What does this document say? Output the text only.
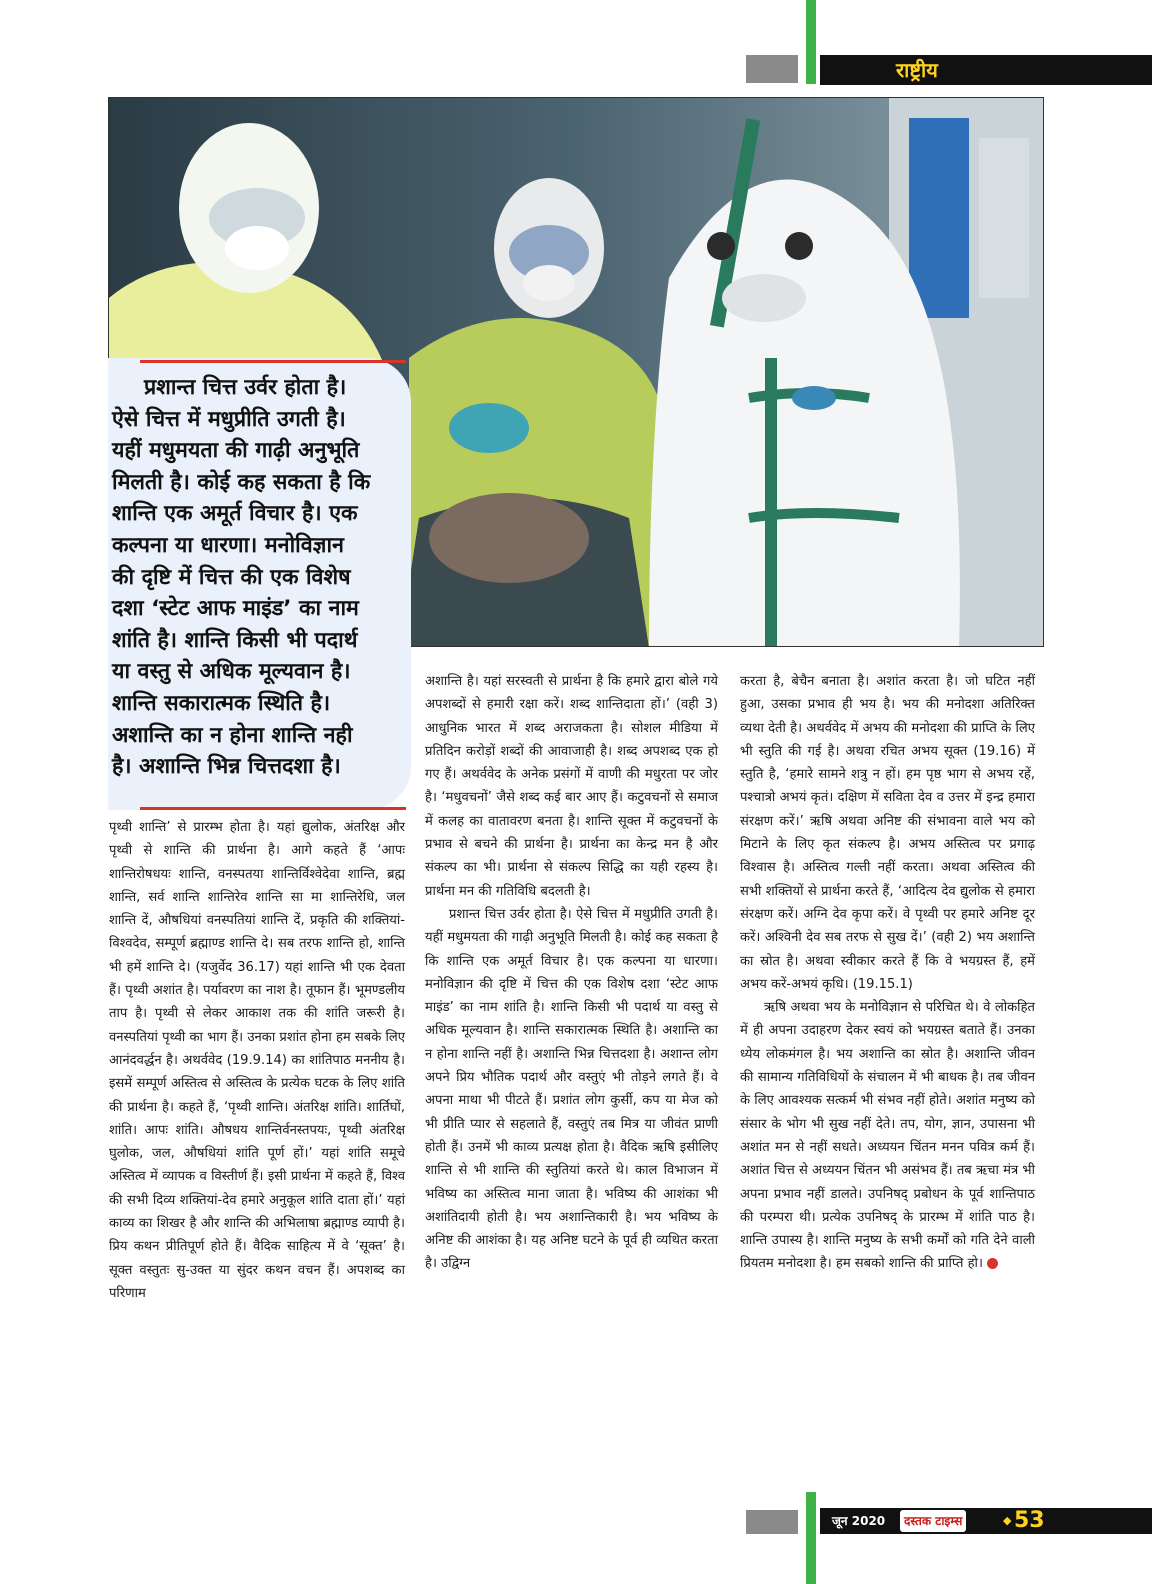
राष्ट्रीय
प्रशान्त चित्त उर्वर होता है।
ऐसे चित्त में मधुप्रीति उगती है।
यहीं मधुमयता की गाढ़ी अनुभूति
मिलती है। कोई कह सकता है कि
शान्ति एक अमूर्त विचार है। एक
कल्पना या धारणा। मनोविज्ञान
की दृष्टि में चित्त की एक विशेष
दशा ‘स्टेट आफ माइंड’ का नाम
शांति है। शान्ति किसी भी पदार्थ
या वस्तु से अधिक मूल्यवान है।
शान्ति सकारात्मक स्थिति है।
अशान्ति का न होना शान्ति नही
है। अशान्ति भिन्न चित्तदशा है।

पृथ्वी शान्ति’ से प्रारम्भ होता है। यहां द्युलोक, अंतरिक्ष और पृथ्वी से शान्ति की प्रार्थना है। आगे कहते हैं ‘आपः शान्तिरोषधयः शान्ति, वनस्पतया शान्तिर्विश्वेदेवा शान्ति, ब्रह्म शान्ति, सर्व शान्ति शान्तिरेव शान्ति सा मा शान्तिरेधि, जल शान्ति दें, औषधियां वनस्पतियां शान्ति दें, प्रकृति की शक्तियां-विश्वदेव, सम्पूर्ण ब्रह्माण्ड शान्ति दे। सब तरफ शान्ति हो, शान्ति भी हमें शान्ति दे। (यजुर्वेद 36.17) यहां शान्ति भी एक देवता हैं। पृथ्वी अशांत है। पर्यावरण का नाश है। तूफान हैं। भूमण्डलीय ताप है। पृथ्वी से लेकर आकाश तक की शांति जरूरी है। वनस्पतियां पृथ्वी का भाग हैं। उनका प्रशांत होना हम सबके लिए आनंदवर्द्धन है। अथर्ववेद (19.9.14) का शांतिपाठ मननीय है। इसमें सम्पूर्ण अस्तित्व से अस्तित्व के प्रत्येक घटक के लिए शांति की प्रार्थना है। कहते हैं, ‘पृथ्वी शान्ति। अंतरिक्ष शांति। शार्तिघों, शांति। आपः शांति। औषधय शान्तिर्वनस्तपयः, पृथ्वी अंतरिक्ष घुलोक, जल, औषधियां शांति पूर्ण हों।’ यहां शांति समूचे अस्तित्व में व्यापक व विस्तीर्ण हैं। इसी प्रार्थना में कहते हैं, विश्व की सभी दिव्य शक्तियां-देव हमारे अनुकूल शांति दाता हों।’ यहां काव्य का शिखर है और शान्ति की अभिलाषा ब्रह्माण्ड व्यापी है। प्रिय कथन प्रीतिपूर्ण होते हैं। वैदिक साहित्य में वे ‘सूक्त’ है। सूक्त वस्तुतः सु-उक्त या सुंदर कथन वचन हैं। अपशब्द का परिणाम

अशान्ति है। यहां सरस्वती से प्रार्थना है कि हमारे द्वारा बोले गये अपशब्दों से हमारी रक्षा करें। शब्द शान्तिदाता हों।’ (वही 3) आधुनिक भारत में शब्द अराजकता है। सोशल मीडिया में प्रतिदिन करोड़ों शब्दों की आवाजाही है। शब्द अपशब्द एक हो गए हैं। अथर्ववेद के अनेक प्रसंगों में वाणी की मधुरता पर जोर है। ‘मधुवचनों’ जैसे शब्द कई बार आए हैं। कटुवचनों से समाज में कलह का वातावरण बनता है। शान्ति सूक्त में कटुवचनों के प्रभाव से बचने की प्रार्थना है। प्रार्थना का केन्द्र मन है और संकल्प का भी। प्रार्थना से संकल्प सिद्धि का यही रहस्य है। प्रार्थना मन की गतिविधि बदलती है।

प्रशान्त चित्त उर्वर होता है। ऐसे चित्त में मधुप्रीति उगती है। यहीं मधुमयता की गाढ़ी अनुभूति मिलती है। कोई कह सकता है कि शान्ति एक अमूर्त विचार है। एक कल्पना या धारणा। मनोविज्ञान की दृष्टि में चित्त की एक विशेष दशा ‘स्टेट आफ माइंड’ का नाम शांति है। शान्ति किसी भी पदार्थ या वस्तु से अधिक मूल्यवान है। शान्ति सकारात्मक स्थिति है। अशान्ति का न होना शान्ति नहीं है। अशान्ति भिन्न चित्तदशा है। अशान्त लोग अपने प्रिय भौतिक पदार्थ और वस्तुएं भी तोड़ने लगते हैं। वे अपना माथा भी पीटते हैं। प्रशांत लोग कुर्सी, कप या मेज को भी प्रीति प्यार से सहलाते हैं, वस्तुएं तब मित्र या जीवंत प्राणी होती हैं। उनमें भी काव्य प्रत्यक्ष होता है। वैदिक ऋषि इसीलिए शान्ति से भी शान्ति की स्तुतियां करते थे। काल विभाजन में भविष्य का अस्तित्व माना जाता है। भविष्य की आशंका भी अशांतिदायी होती है। भय अशान्तिकारी है। भय भविष्य के अनिष्ट की आशंका है। यह अनिष्ट घटने के पूर्व ही व्यथित करता है। उद्विग्न

करता है, बेचैन बनाता है। अशांत करता है। जो घटित नहीं हुआ, उसका प्रभाव ही भय है। भय की मनोदशा अतिरिक्त व्यथा देती है। अथर्ववेद में अभय की मनोदशा की प्राप्ति के लिए भी स्तुति की गई है। अथवा रचित अभय सूक्त (19.16) में स्तुति है, ‘हमारे सामने शत्रु न हों। हम पृष्ठ भाग से अभय रहें, पश्चात्रो अभयं कृतं। दक्षिण में सविता देव व उत्तर में इन्द्र हमारा संरक्षण करें।’ ऋषि अथवा अनिष्ट की संभावना वाले भय को मिटाने के लिए कृत संकल्प है। अभय अस्तित्व पर प्रगाढ़ विश्वास है। अस्तित्व गल्ती नहीं करता। अथवा अस्तित्व की सभी शक्तियों से प्रार्थना करते हैं, ‘आदित्य देव द्युलोक से हमारा संरक्षण करें। अग्नि देव कृपा करें। वे पृथ्वी पर हमारे अनिष्ट दूर करें। अश्विनी देव सब तरफ से सुख दें।’ (वही 2) भय अशान्ति का स्रोत है। अथवा स्वीकार करते हैं कि वे भयग्रस्त हैं, हमें अभय करें-अभयं कृधि। (19.15.1)

ऋषि अथवा भय के मनोविज्ञान से परिचित थे। वे लोकहित में ही अपना उदाहरण देकर स्वयं को भयग्रस्त बताते हैं। उनका ध्येय लोकमंगल है। भय अशान्ति का स्रोत है। अशान्ति जीवन की सामान्य गतिविधियों के संचालन में भी बाधक है। तब जीवन के लिए आवश्यक सत्कर्म भी संभव नहीं होते। अशांत मनुष्य को संसार के भोग भी सुख नहीं देते। तप, योग, ज्ञान, उपासना भी अशांत मन से नहीं सधते। अध्ययन चिंतन मनन पवित्र कर्म हैं। अशांत चित्त से अध्ययन चिंतन भी असंभव हैं। तब ऋचा मंत्र भी अपना प्रभाव नहीं डालते। उपनिषद् प्रबोधन के पूर्व शान्तिपाठ की परम्परा थी। प्रत्येक उपनिषद् के प्रारम्भ में शांति पाठ है। शान्ति उपास्य है। शान्ति मनुष्य के सभी कर्मों को गति देने वाली प्रियतम मनोदशा है। हम सबको शान्ति की प्राप्ति हो।

जून 2020	दस्तक टाइम्स	◆ 53
